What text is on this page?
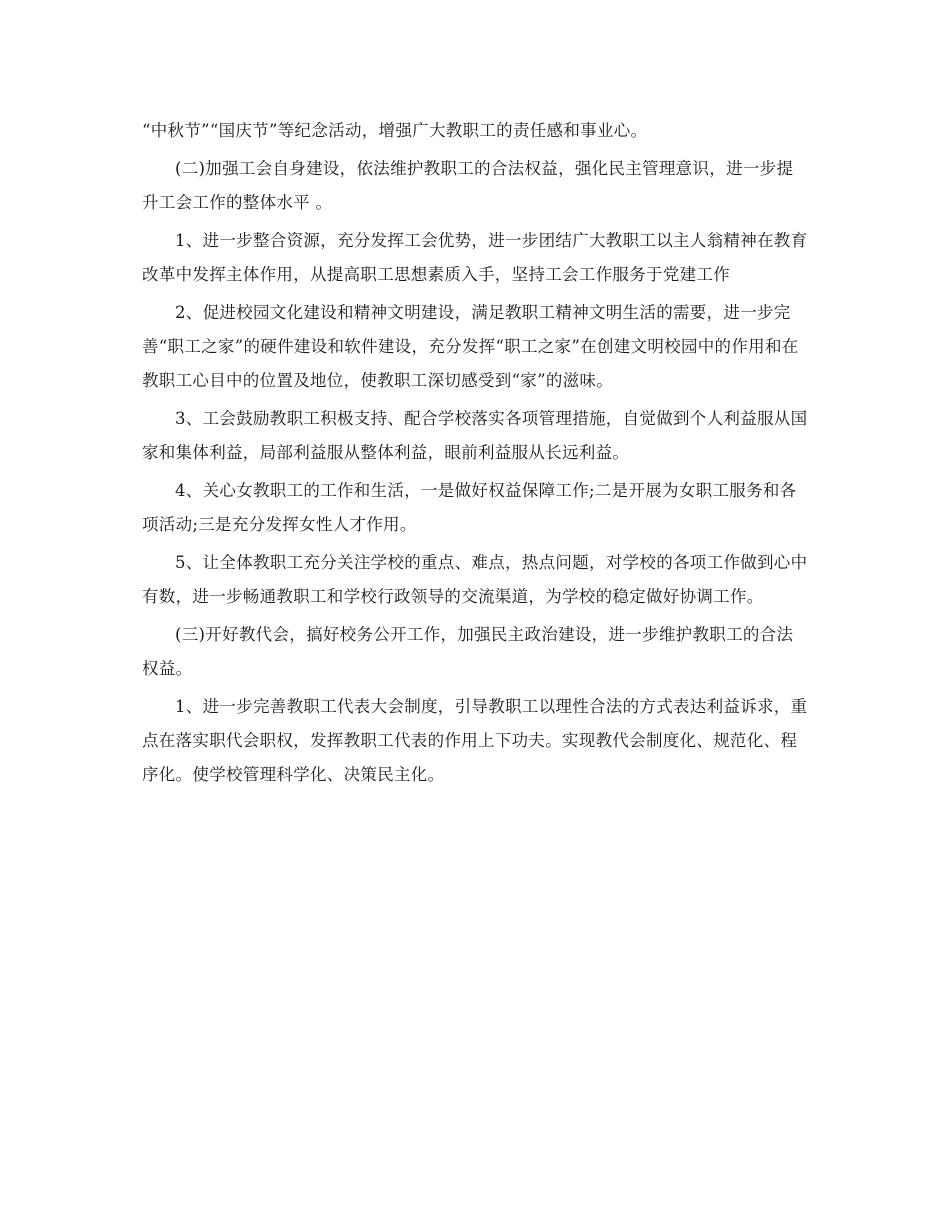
“中秋节”“国庆节”等纪念活动，增强广大教职工的责任感和事业心。

(二)加强工会自身建设，依法维护教职工的合法权益，强化民主管理意识，进一步提升工会工作的整体水平 。

1、进一步整合资源，充分发挥工会优势，进一步团结广大教职工以主人翁精神在教育改革中发挥主体作用，从提高职工思想素质入手，坚持工会工作服务于党建工作

2、促进校园文化建设和精神文明建设，满足教职工精神文明生活的需要，进一步完善“职工之家”的硬件建设和软件建设，充分发挥“职工之家”在创建文明校园中的作用和在教职工心目中的位置及地位，使教职工深切感受到“家”的滋味。

3、工会鼓励教职工积极支持、配合学校落实各项管理措施，自觉做到个人利益服从国家和集体利益，局部利益服从整体利益，眼前利益服从长远利益。

4、关心女教职工的工作和生活，一是做好权益保障工作;二是开展为女职工服务和各项活动;三是充分发挥女性人才作用。

5、让全体教职工充分关注学校的重点、难点，热点问题，对学校的各项工作做到心中有数，进一步畅通教职工和学校行政领导的交流渠道，为学校的稳定做好协调工作。

(三)开好教代会，搞好校务公开工作，加强民主政治建设，进一步维护教职工的合法权益。

1、进一步完善教职工代表大会制度，引导教职工以理性合法的方式表达利益诉求，重点在落实职代会职权，发挥教职工代表的作用上下功夫。实现教代会制度化、规范化、程序化。使学校管理科学化、决策民主化。
